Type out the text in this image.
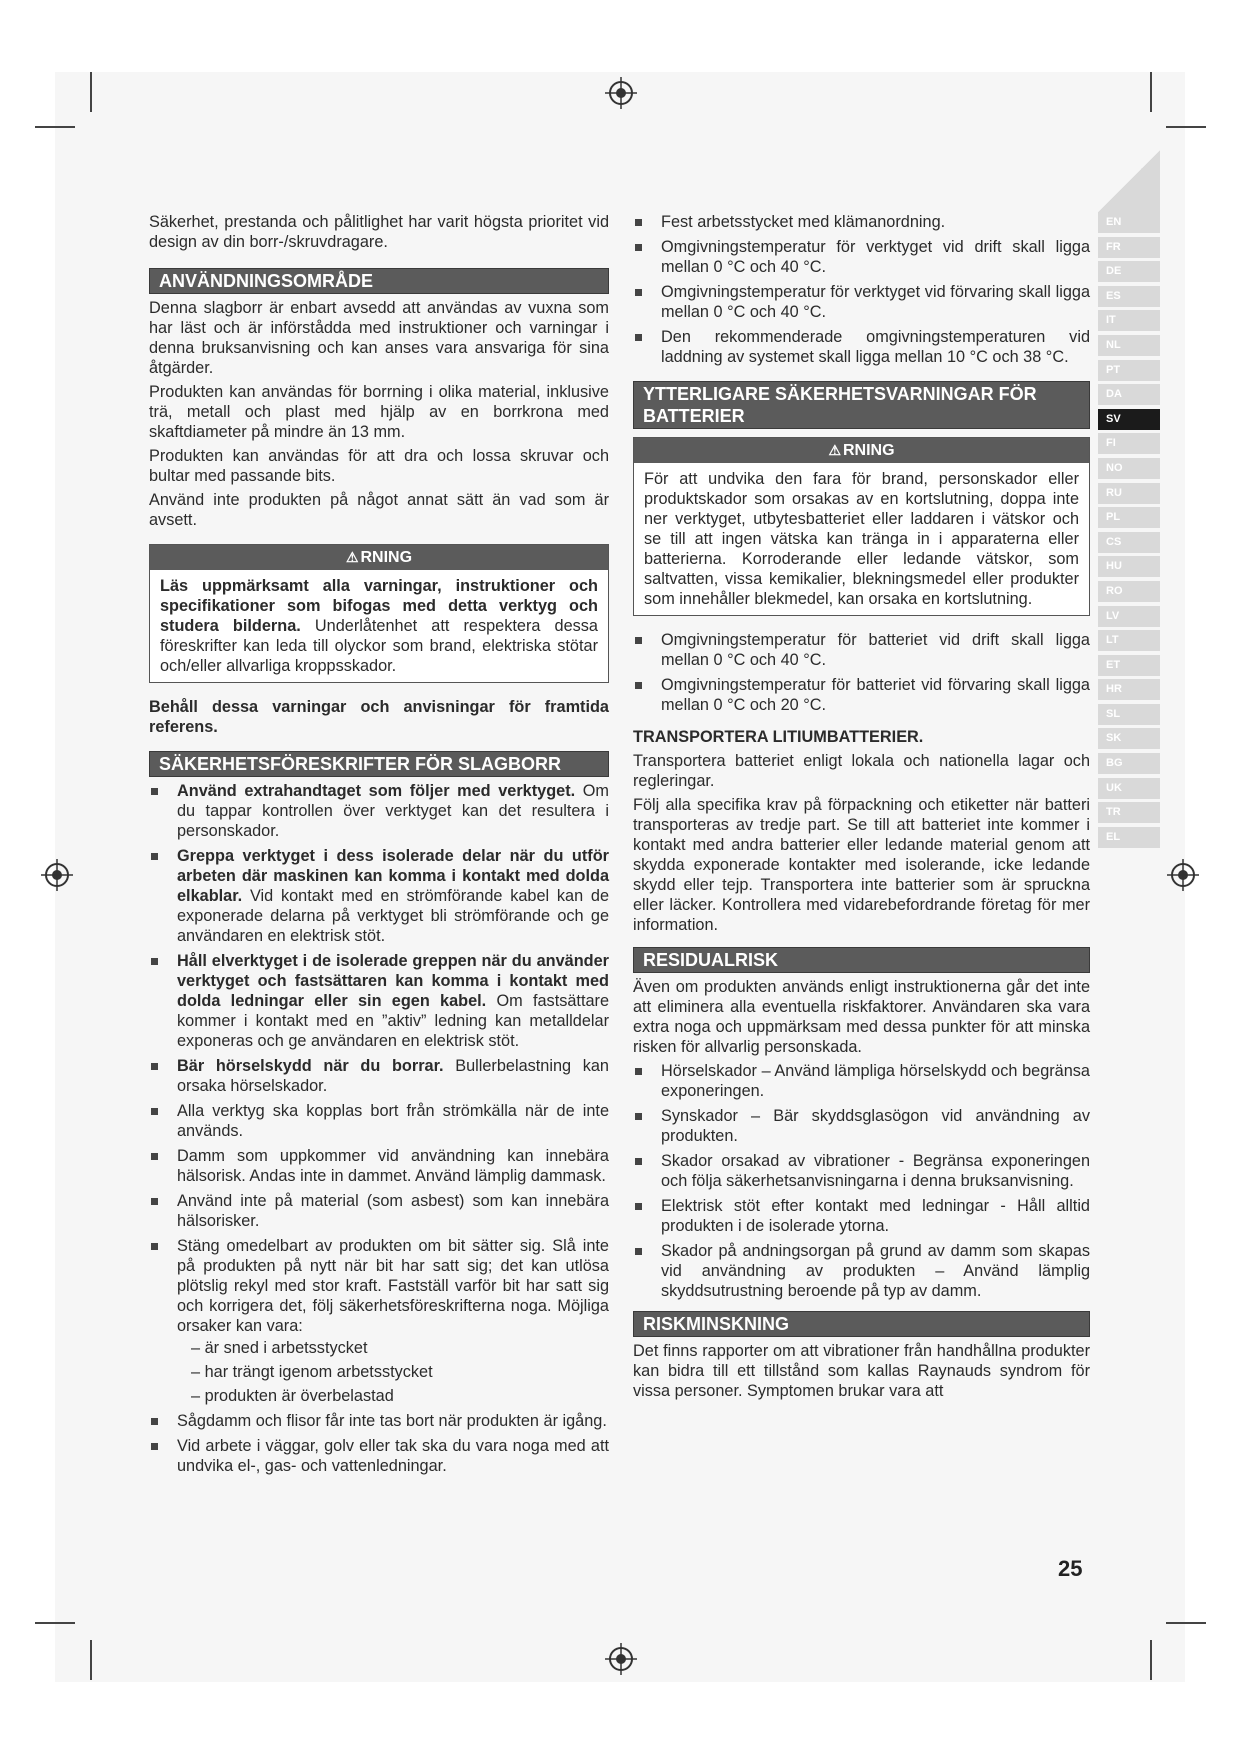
Säkerhet, prestanda och pålitlighet har varit högsta prioritet vid design av din borr-/skruvdragare.

ANVÄNDNINGSOMRÅDE

Denna slagborr är enbart avsedd att användas av vuxna som har läst och är införstådda med instruktioner och varningar i denna bruksanvisning och kan anses vara ansvariga för sina åtgärder.

Produkten kan användas för borrning i olika material, inklusive trä, metall och plast med hjälp av en borrkrona med skaftdiameter på mindre än 13 mm.

Produkten kan användas för att dra och lossa skruvar och bultar med passande bits.

Använd inte produkten på något annat sätt än vad som är avsett.

⚠ RNING
Läs uppmärksamt alla varningar, instruktioner och specifikationer som bifogas med detta verktyg och studera bilderna. Underlåtenhet att respektera dessa föreskrifter kan leda till olyckor som brand, elektriska stötar och/eller allvarliga kroppsskador.

Behåll dessa varningar och anvisningar för framtida referens.

SÄKERHETSFÖRESKRIFTER FÖR SLAGBORR
Använd extrahandtaget som följer med verktyget. Om du tappar kontrollen över verktyget kan det resultera i personskador.
Greppa verktyget i dess isolerade delar när du utför arbeten där maskinen kan komma i kontakt med dolda elkablar. Vid kontakt med en strömförande kabel kan de exponerade delarna på verktyget bli strömförande och ge användaren en elektrisk stöt.
Håll elverktyget i de isolerade greppen när du använder verktyget och fastsättaren kan komma i kontakt med dolda ledningar eller sin egen kabel. Om fastsättare kommer i kontakt med en ”aktiv” ledning kan metalldelar exponeras och ge användaren en elektrisk stöt.
Bär hörselskydd när du borrar. Bullerbelastning kan orsaka hörselskador.
Alla verktyg ska kopplas bort från strömkälla när de inte används.
Damm som uppkommer vid användning kan innebära hälsorisk. Andas inte in dammet. Använd lämplig dammask.
Använd inte på material (som asbest) som kan innebära hälsorisker.
Stäng omedelbart av produkten om bit sätter sig. Slå inte på produkten på nytt när bit har satt sig; det kan utlösa plötslig rekyl med stor kraft. Fastställ varför bit har satt sig och korrigera det, följ säkerhetsföreskrifterna noga. Möjliga orsaker kan vara:
– är sned i arbetsstycket
– har trängt igenom arbetsstycket
– produkten är överbelastad
Sågdamm och flisor får inte tas bort när produkten är igång.
Vid arbete i väggar, golv eller tak ska du vara noga med att undvika el-, gas- och vattenledningar.
Fest arbetsstycket med klämanordning.
Omgivningstemperatur för verktyget vid drift skall ligga mellan 0 °C och 40 °C.
Omgivningstemperatur för verktyget vid förvaring skall ligga mellan 0 °C och 40 °C.
Den rekommenderade omgivningstemperaturen vid laddning av systemet skall ligga mellan 10 °C och 38 °C.
YTTERLIGARE SÄKERHETSVARNINGAR FÖR BATTERIER
⚠ RNING
För att undvika den fara för brand, personskador eller produktskador som orsakas av en kortslutning, doppa inte ner verktyget, utbytesbatteriet eller laddaren i vätskor och se till att ingen vätska kan tränga in i apparaterna eller batterierna. Korroderande eller ledande vätskor, som saltvatten, vissa kemikalier, blekningsmedel eller produkter som innehåller blekmedel, kan orsaka en kortslutning.
Omgivningstemperatur för batteriet vid drift skall ligga mellan 0 °C och 40 °C.
Omgivningstemperatur för batteriet vid förvaring skall ligga mellan 0 °C och 20 °C.

TRANSPORTERA LITIUMBATTERIER.

Transportera batteriet enligt lokala och nationella lagar och regleringar.

Följ alla specifika krav på förpackning och etiketter när batteri transporteras av tredje part. Se till att batteriet inte kommer i kontakt med andra batterier eller ledande material genom att skydda exponerade kontakter med isolerande, icke ledande skydd eller tejp. Transportera inte batterier som är spruckna eller läcker. Kontrollera med vidarebefordrande företag för mer information.

RESIDUALRISK

Även om produkten används enligt instruktionerna går det inte att eliminera alla eventuella riskfaktorer. Användaren ska vara extra noga och uppmärksam med dessa punkter för att minska risken för allvarlig personskada.

Hörselskador – Använd lämpliga hörselskydd och begränsa exponeringen.
Synskador – Bär skyddsglasögon vid användning av produkten.
Skador orsakad av vibrationer - Begränsa exponeringen och följa säkerhetsanvisningarna i denna bruksanvisning.
Elektrisk stöt efter kontakt med ledningar - Håll alltid produkten i de isolerade ytorna.
Skador på andningsorgan på grund av damm som skapas vid användning av produkten – Använd lämplig skyddsutrustning beroende på typ av damm.
RISKMINSKNING

Det finns rapporter om att vibrationer från handhållna produkter kan bidra till ett tillstånd som kallas Raynauds syndrom för vissa personer. Symptomen brukar vara att

EN
FR
DE
ES
IT
NL
PT
DA
SV
FI
NO
RU
PL
CS
HU
RO
LV
LT
ET
HR
SL
SK
BG
UK
TR
EL
25
